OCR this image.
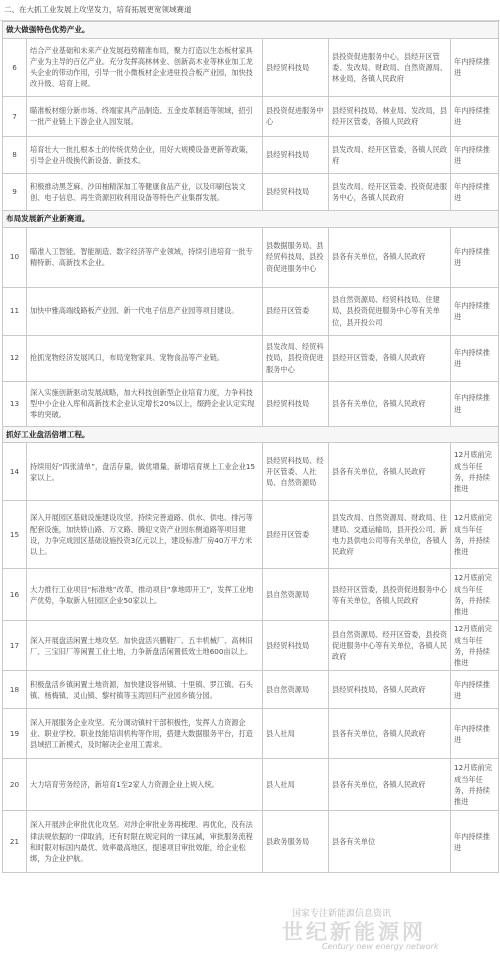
二、在大抓工业发展上攻坚发力，培育拓展更宽领域赛道
做大做强特色优势产业。				
6	结合产业基础和未来产业发展趋势精准布局，聚力打造以生态板材家具产业为主导的百亿产业。充分发挥高林林业、创新高木业等林业加工龙头企业的带动作用，引导一批小微板材企业进驻投合板产业园，加快技改升级、培育上规。	县经贸科技局	县投资促进服务中心，县经开区管委、发改局、财政局、自然资源局、林业局，各镇人民政府	年内持续推进
7	瞄准板材细分新市场、终端家具产品制造、五金皮革制造等领域，招引一批产业链上下游企业入园发展。	县投资促进服务中心	县经贸科技局、林业局、发改局，县经开区管委，各镇人民政府	年内持续推进
8	培育壮大一批扎根本土的传统优势企业，用好大规模设备更新等政策，引导企业升级换代新设备、新技术。	县经贸科技局	县发改局、经开区管委，各镇人民政府	年内持续推进
9	积极推动黑芝麻、沙田柚精深加工等健康食品产业，以及印刷包装文创、电子信息、再生资源回收利用设备等特色产业集群发展。	县经贸科技局	县发改局、经开区管委、投资促进服务中心，各镇人民政府	年内持续推进
布局发展新产业新赛道。				
10	瞄准人工智能、智能制造、数字经济等产业领域，持续引进培育一批专精特新、高新技术企业。	县数据服务局、县经贸科技局，县投资促进服务中心	县各有关单位，各镇人民政府	年内持续推进
11	加快中雅高端线路板产业园、新一代电子信息产业园等项目建设。	县经开区管委	县自然资源局、经贸科技局、住建局，县投资促进服务中心等有关单位，县开投公司	年内持续推进
12	抢抓宠物经济发展风口，布局宠物家具、宠物食品等产业链。	县发改局、经贸科技局，县投资促进服务中心	县经开区管委，各镇人民政府	年内持续推进
13	深入实施创新驱动发展战略，加大科技创新型企业培育力度，力争科技型中小企业入库和高新技术企业认定增长20%以上，缀跨企业认定实现零的突破。	县经贸科技局	县各有关单位，各镇人民政府	年内持续推进
抓好工业盘活倍增工程。				
14	持续用好“四张清单”，盘活存量，做优增量，新增培育规上工业企业15家以上。	县经贸科技局、经开区管委、人社局、自然资源局	县各有关单位，各镇人民政府	12月底前完成当年任务，并持续推进
15	深入开展园区基础设施建设攻坚。持续完善道路、供水、供电、排污等配套设施，加快娇山路、万文路、腾迎文资产业园东侧道路等项目建设，力争完成园区基础设施投资3亿元以上，建设标准厂房40万平方米以上。	县经开区管委	县发改局、自然资源局、财政局、住建局、交通运输局，县开投公司、新电力县供电公司等有关单位，各镇人民政府	12月底前完成当年任务，并持续推进
16	大力推行工业项目“标准地”改革，推动项目“拿地即开工”，发挥工业地产优势，争取新入驻园区企业50家以上。	县自然资源局	县经开区管委，县投资促进服务中心等有关单位，各镇人民政府	12月底前完成当年任务，并持续推进
17	深入开展盘活闲置土地攻坚。加快盘活兴鹏鞋厂、五丰机械厂、高林旧厂、三宝旧厂等闲置工业土地，力争新盘活闲置低效土地600亩以上。	县经贸科技局	县自然资源局、经开区管委，县投资促进服务中心等有关单位，各镇人民政府	12月底前完成当年任务，并持续推进
18	积极盘活乡镇闲置土地资源，加快建设容州镇、十里镇、罗江镇、石头镇、杨梅镇、灵山镇、黎村镇等玉湾回归产业园乡镇分园。	县自然资源局	县经贸科技局，各镇人民政府	年内持续推进
19	深入开展服务企业攻坚。充分调动镇村干部积极性，发挥人力资源企业、职业学校、职业技能培训机构等作用，搭建大数据服务平台，打造县域招工新模式，及时解决企业用工需求。	县人社局	县各有关单位，各镇人民政府	年内持续推进
20	大力培育劳务经济，新培育1至2家人力资源企业上规入统。	县人社局	县各有关单位，各镇人民政府	12月底前完成当年任务，并持续推进
21	深入开展涉企审批优化攻坚。对涉企审批业务再梳理、再优化，没有法律法规依据的一律取消，还有时限在规定间的一律压减，审批服务流程和时限对标国内最优、效率最高地区，提速项目审批效能，给企业松绑，为企业护航。	县政务服务局	县各有关单位	年内持续推进
国家专注新能源信息资讯
世纪新能源网
Century new energy network
